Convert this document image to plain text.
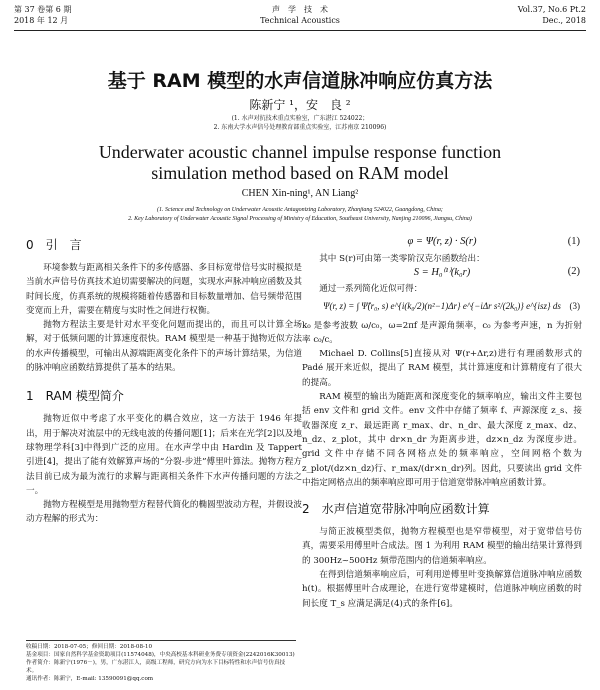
第 37 卷第 6 期
2018 年 12 月
声　学　技　术
Technical Acoustics
Vol.37, No.6 Pt.2
Dec., 2018
基于 RAM 模型的水声信道脉冲响应仿真方法
陈新宁 ¹，安　良 ²
(1. 水声对抗技术重点实验室，广东湛江 524022；
2. 东南大学水声信号处理教育部重点实验室，江苏南京 210096)
Underwater acoustic channel impulse response function
simulation method based on RAM model
CHEN Xin-ning¹, AN Liang²
(1. Science and Technology on Underwater Acoustic Antagonizing Laboratory, Zhanjiang 524022, Guangdong, China;
2. Key Laboratory of Underwater Acoustic Signal Processing of Ministry of Education, Southeast University, Nanjing 210096, Jiangsu, China)
0　引　言

环境参数与距离相关条件下的多传感器、多目标宽带信号实时模拟是当前水声信号仿真技术迫切需要解决的问题，实现水声脉冲响应函数及其时间长度，仿真系统的规模将随着传感器和目标数量增加、信号频带范围变宽而上升，需要在精度与实时性之间进行权衡。

抛物方程法主要是针对水平变化问题而提出的，而且可以计算全场解，对于低频问题的计算速度很快。RAM 模型是一种基于抛物近似方法的水声传播模型，可输出从源端距离变化条件下的声场计算结果，为信道的脉冲响应函数结算提供了基本的结果。

1　RAM 模型简介

抛物近似中考虑了水平变化的耦合效应，这一方法于 1946 年提出，用于解决对流层中的无线电波的传播问题[1]；后来在光学[2]以及地球物理学科[3]中得到广泛的应用。在水声学中由 Hardin 及 Tappert 引进[4]，提出了能有效解算声场的“分裂-步进”傅里叶算法。抛物方程方法目前已成为最为流行的求解与距离相关条件下水声传播问题的方法之一。

抛物方程模型是用抛物型方程替代简化的椭圆型波动方程，并假设波动方程解的形式为：

φ = Ψ(r, z) · S(r)	(1)

其中 S(r)可由第一类零阶汉克尔函数给出：

S = H₀⁽¹⁾(k₀r)	(2)

通过一系列简化近似可得：

Ψ(r, z) = ∫ Ψ̂(r₀, s) e^{i(k₀/2)(n²−1)Δr} e^{−iΔr s²/(2k₀)} e^{isz} ds (3)

k₀ 是参考波数 ω/c₀，ω=2πf 是声源角频率，c₀ 为参考声速，n 为折射率 c₀/c。

Michael D. Collins[5]直接从对 Ψ(r+Δr,z)进行有理函数形式的 Padé 展开来近似，提出了 RAM 模型，其计算速度和计算精度有了很大的提高。

RAM 模型的输出为随距离和深度变化的频率响应，输出文件主要包括 env 文件和 grid 文件。env 文件中存储了频率 f、声源深度 z_s、接收器深度 z_r、最远距离 r_max、dr、n_dr、最大深度 z_max、dz、n_dz、z_plot，其中 dr×n_dr 为距离步进，dz×n_dz 为深度步进。grid 文件中存储不同各网格点处的频率响应，空间网格个数为 z_plot/(dz×n_dz)行、r_max/(dr×n_dr)列。因此，只要读出 grid 文件中指定网格点出的频率响应即可用于信道宽带脉冲响应函数计算。

2　水声信道宽带脉冲响应函数计算

与简正波模型类似，抛物方程模型也是窄带模型，对于宽带信号仿真，需要采用傅里叶合成法。图 1 为利用 RAM 模型的输出结果计算得到的 300Hz~500Hz 频带范围内的信道频率响应。

在得到信道频率响应后，可利用逆傅里叶变换解算信道脉冲响应函数 h(t)。根据傅里叶合成理论，在进行宽带建模时，信道脉冲响应函数的时间长度 T_s 应满足满足(4)式的条件[6]。

收稿日期：2018-07-05；修回日期：2018-08-10
基金项目：国家自然科学基金资助项目(11574048)，中央高校基本科研业务费专项资金(2242016K30013)
作者简介：陈新宁(1976－)，男，广东湛江人，高级工程师，研究方向为水下目标特性和水声信号仿真技术。
通讯作者：陈新宁，E-mail: 13590091@qq.com
